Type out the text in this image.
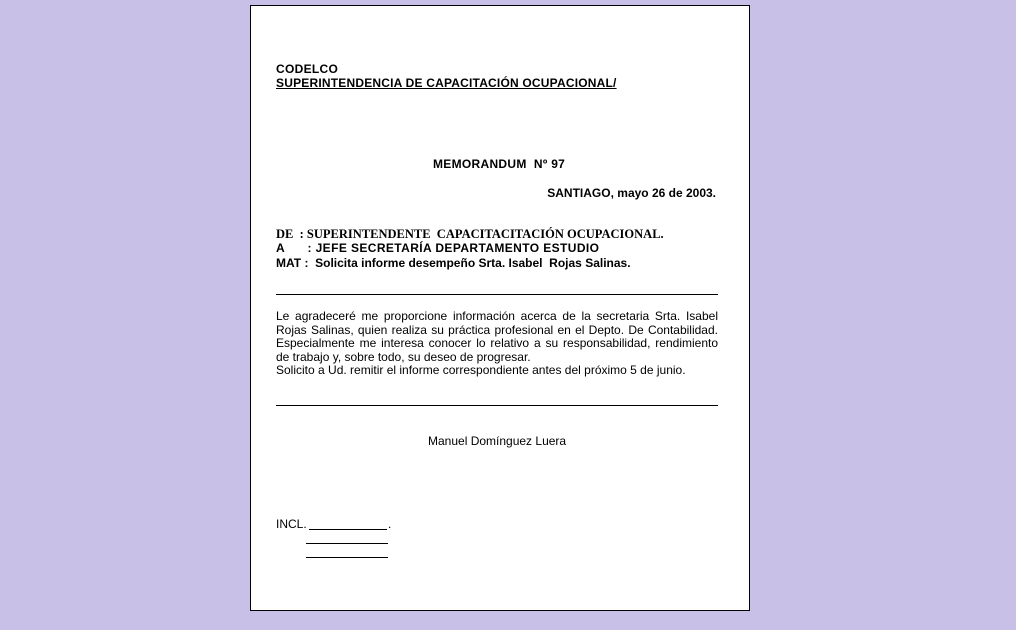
CODELCO
SUPERINTENDENCIA DE CAPACITACIÓN OCUPACIONAL/
MEMORANDUM  Nº 97
SANTIAGO, mayo 26 de 2003.
DE  : SUPERINTENDENTE  CAPACITACITACIÓN OCUPACIONAL.
A      : JEFE SECRETARÍA DEPARTAMENTO ESTUDIO
MAT :  Solicita informe desempeño Srta. Isabel  Rojas Salinas.

Le agradeceré me proporcione información acerca de la secretaria Srta. Isabel Rojas Salinas, quien realiza su práctica profesional en el Depto. De Contabilidad. Especialmente me interesa conocer lo relativo a su responsabilidad, rendimiento de trabajo y, sobre todo, su deseo de progresar.

Solicito a Ud. remitir el informe correspondiente antes del próximo 5 de junio.

Manuel Domínguez Luera
INCL.	.
